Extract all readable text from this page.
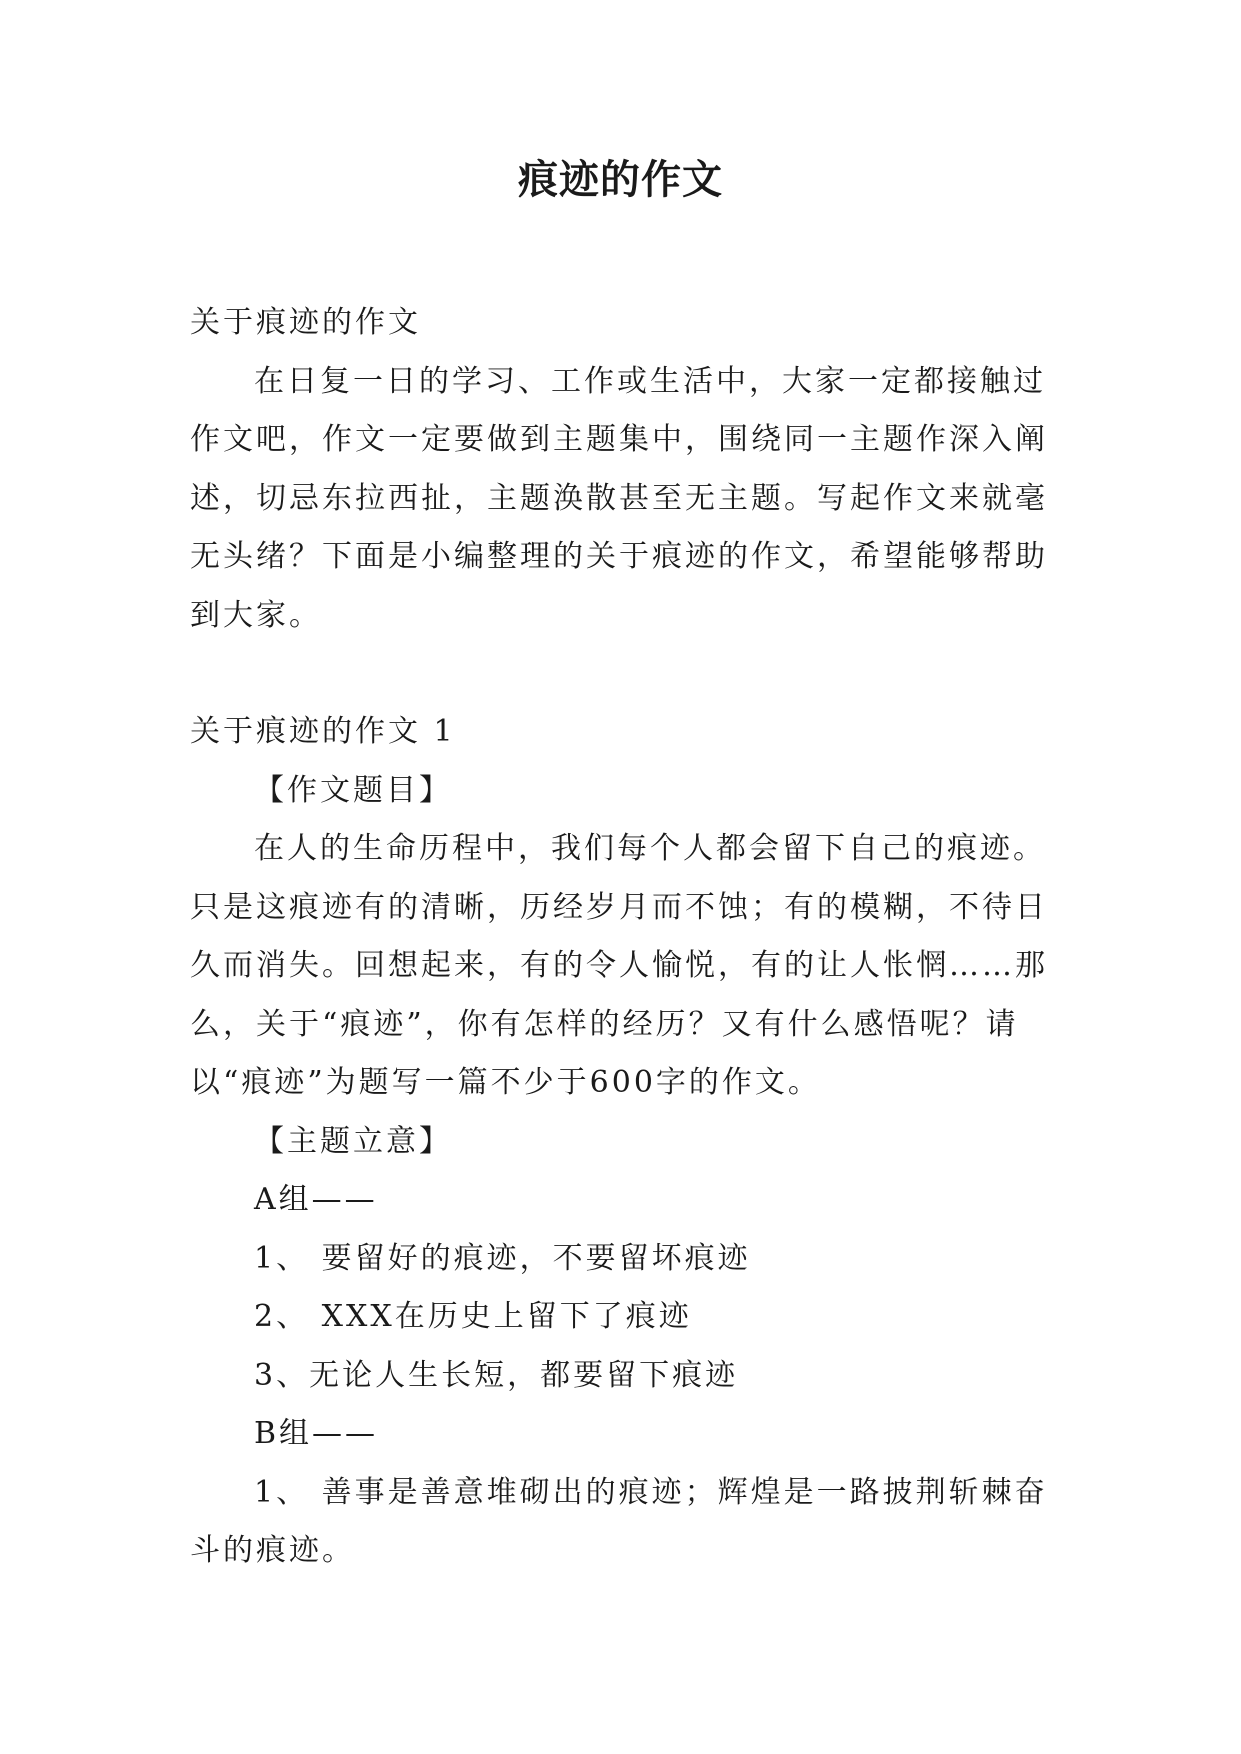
痕迹的作文

关于痕迹的作文

在日复一日的学习、工作或生活中，大家一定都接触过作文吧，作文一定要做到主题集中，围绕同一主题作深入阐述，切忌东拉西扯，主题涣散甚至无主题。写起作文来就毫无头绪？下面是小编整理的关于痕迹的作文，希望能够帮助到大家。

关于痕迹的作文 1

【作文题目】

在人的生命历程中，我们每个人都会留下自己的痕迹。只是这痕迹有的清晰，历经岁月而不蚀；有的模糊，不待日久而消失。回想起来，有的令人愉悦，有的让人怅惘……那么，关于“痕迹”，你有怎样的经历？又有什么感悟呢？请以“痕迹”为题写一篇不少于600字的作文。

【主题立意】

A组——

1、 要留好的痕迹，不要留坏痕迹

2、 XXX在历史上留下了痕迹

3、无论人生长短，都要留下痕迹

B组——

1、 善事是善意堆砌出的痕迹；辉煌是一路披荆斩棘奋斗的痕迹。
